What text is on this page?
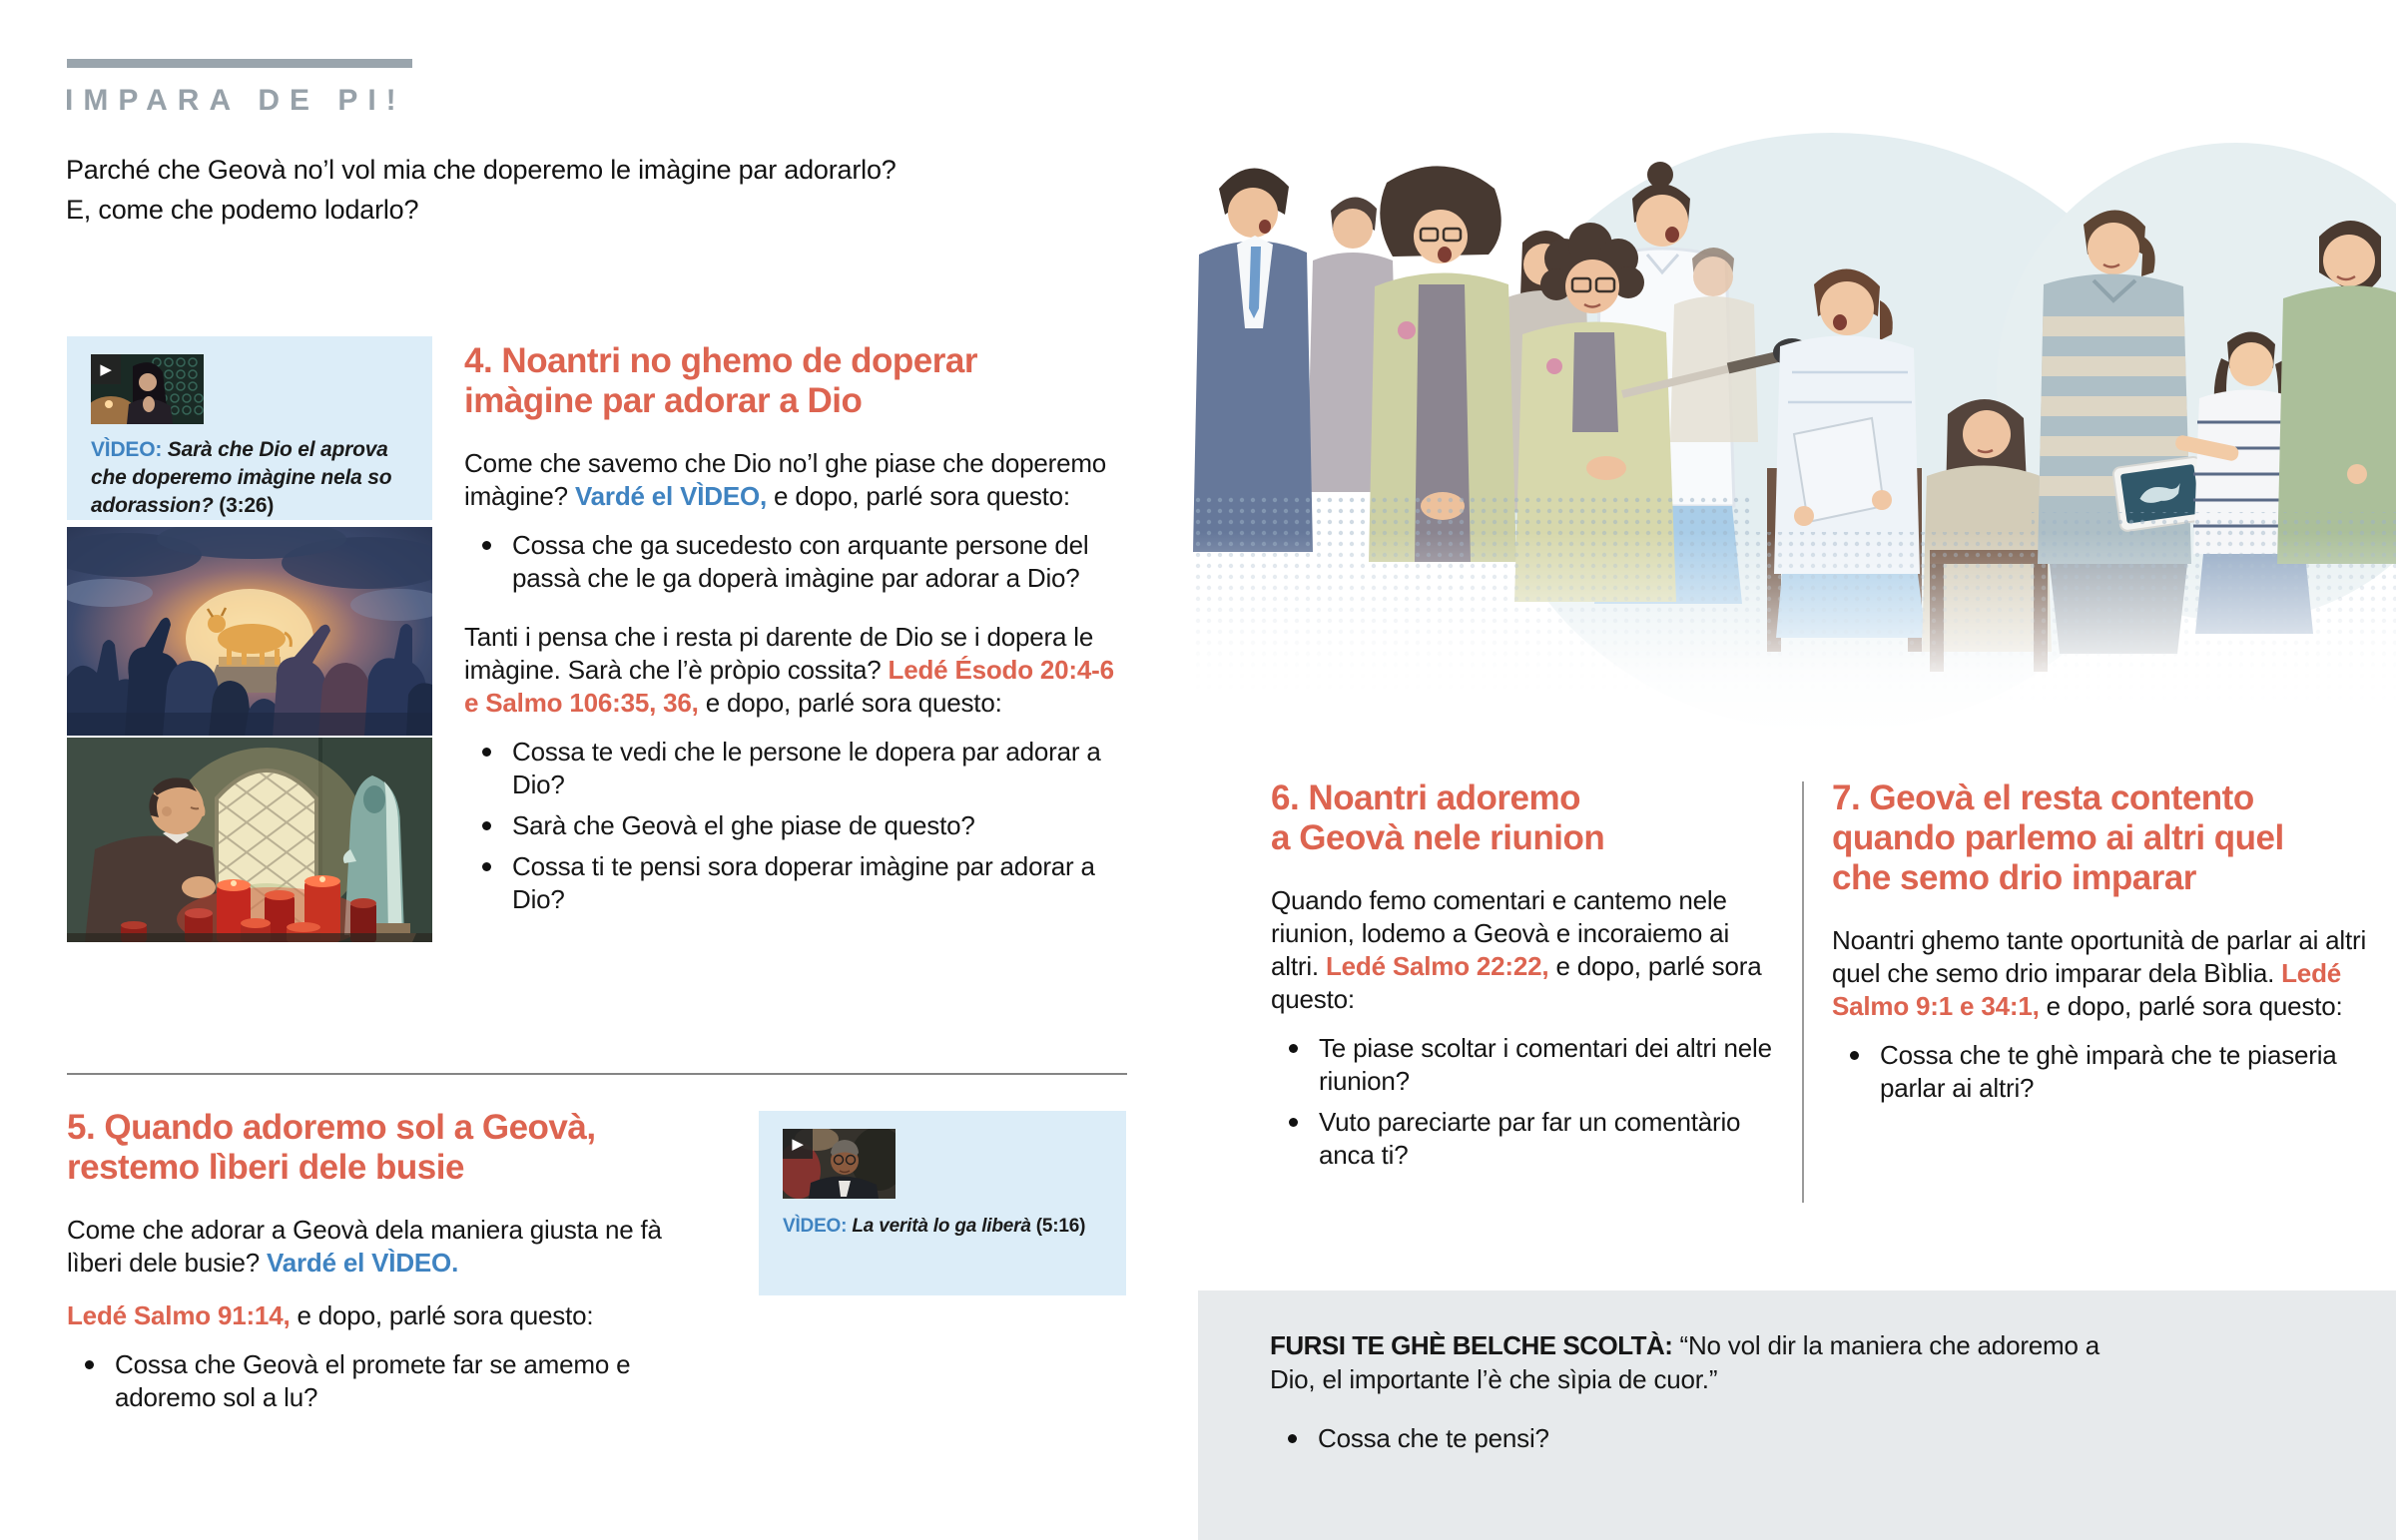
IMPARA DE PI!
Parché che Geovà no’l vol mia che doperemo le imàgine par adorarlo?
E, come che podemo lodarlo?
▶
VÌDEO: Sarà che Dio el aprova che doperemo imàgine nela so adorassion? (3:26)
4. Noantri no ghemo de doperar
imàgine par adorar a Dio

Come che savemo che Dio no’l ghe piase che doperemo imàgine? Vardé el VÌDEO, e dopo, parlé sora questo:

Cossa che ga sucedesto con arquante persone del passà che le ga doperà imàgine par adorar a Dio?

Tanti i pensa che i resta pi darente de Dio se i dopera le imàgine. Sarà che l’è pròpio cossita? Ledé Ésodo 20:4-6 e Salmo 106:35, 36, e dopo, parlé sora questo:

Cossa te vedi che le persone le dopera par adorar a Dio?
Sarà che Geovà el ghe piase de questo?
Cossa ti te pensi sora doperar imàgine par adorar a Dio?
5. Quando adoremo sol a Geovà,
restemo lìberi dele busie

Come che adorar a Geovà dela maniera giusta ne fà lìberi dele busie? Vardé el VÌDEO.

Ledé Salmo 91:14, e dopo, parlé sora questo:

Cossa che Geovà el promete far se amemo e adoremo sol a lu?
▶
VÌDEO: La verità lo ga liberà (5:16)
6. Noantri adoremo
a Geovà nele riunion

Quando femo comentari e cantemo nele riunion, lodemo a Geovà e incoraiemo ai altri. Ledé Salmo 22:22, e dopo, parlé sora questo:

Te piase scoltar i comentari dei altri nele riunion?
Vuto pareciarte par far un comentàrio anca ti?
7. Geovà el resta contento
quando parlemo ai altri quel
che semo drio imparar

Noantri ghemo tante oportunità de parlar ai altri quel che semo drio imparar dela Bìblia. Ledé Salmo 9:1 e 34:1, e dopo, parlé sora questo:

Cossa che te ghè imparà che te piaseria parlar ai altri?
FURSI TE GHÈ BELCHE SCOLTÀ: “No vol dir la maniera che adoremo a Dio, el importante l’è che sìpia de cuor.”
Cossa che te pensi?
